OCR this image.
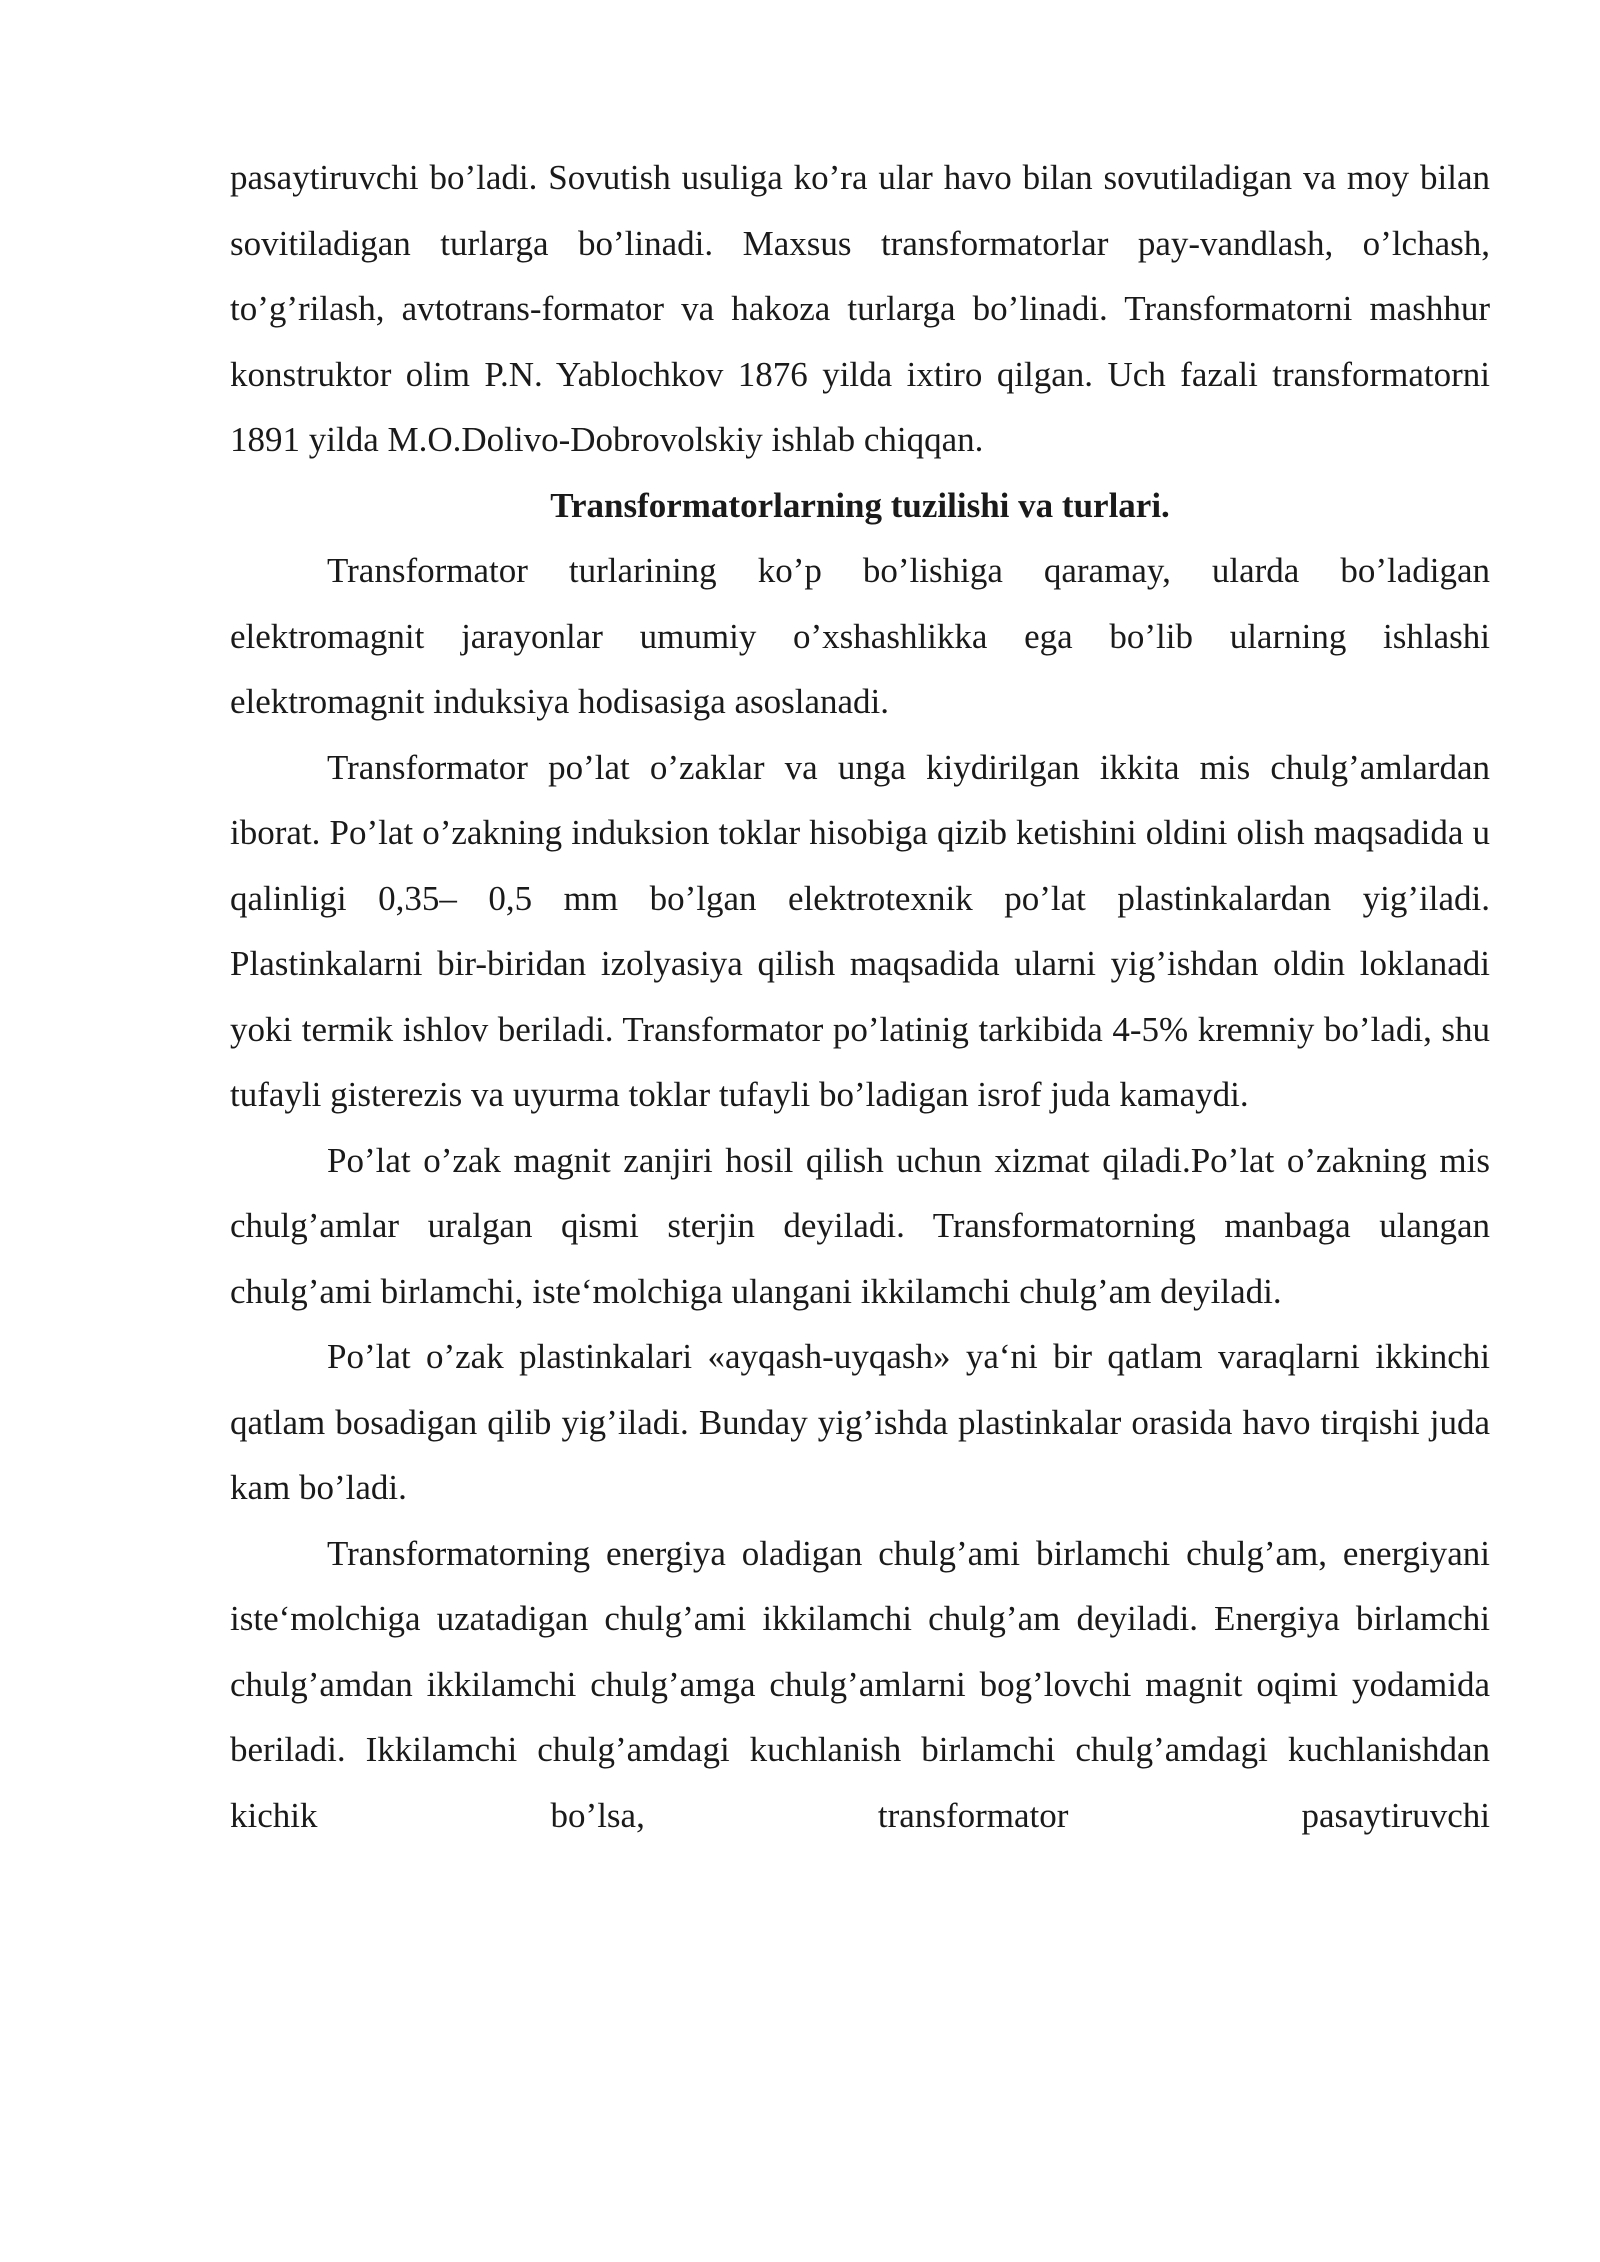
pasaytiruvchi bo’ladi. Sovutish usuliga ko’ra ular havo bilan sovutiladigan va moy bilan sovitiladigan turlarga bo’linadi. Maxsus transformatorlar pay-vandlash, o’lchash, to’g’rilash, avtotrans-formator va hakoza turlarga bo’linadi. Transformatorni mashhur konstruktor olim P.N. Yablochkov 1876 yilda ixtiro qilgan. Uch fazali transformatorni 1891 yilda M.O.Dolivo-Dobrovolskiy ishlab chiqqan.

Transformatorlarning tuzilishi va turlari.

Transformator turlarining ko’p bo’lishiga qaramay, ularda bo’ladigan elektromagnit jarayonlar umumiy o’xshashlikka ega bo’lib ularning ishlashi elektromagnit induksiya hodisasiga asoslanadi.

Transformator po’lat o’zaklar va unga kiydirilgan ikkita mis chulg’amlardan iborat. Po’lat o’zakning induksion toklar hisobiga qizib ketishini oldini olish maqsadida u qalinligi 0,35– 0,5 mm bo’lgan elektrotexnik po’lat plastinkalardan yig’iladi. Plastinkalarni bir-biridan izolyasiya qilish maqsadida ularni yig’ishdan oldin loklanadi yoki termik ishlov beriladi. Transformator po’latinig tarkibida 4-5% kremniy bo’ladi, shu tufayli gisterezis va uyurma toklar tufayli bo’ladigan isrof juda kamaydi.

Po’lat o’zak magnit zanjiri hosil qilish uchun xizmat qiladi.Po’lat o’zakning mis chulg’amlar uralgan qismi sterjin deyiladi. Transformatorning manbaga ulangan chulg’ami birlamchi, iste‘molchiga ulangani ikkilamchi chulg’am deyiladi.

Po’lat o’zak plastinkalari «ayqash-uyqash» ya‘ni bir qatlam varaqlarni ikkinchi qatlam bosadigan qilib yig’iladi. Bunday yig’ishda plastinkalar orasida havo tirqishi juda kam bo’ladi.

Transformatorning energiya oladigan chulg’ami birlamchi chulg’am, energiyani iste‘molchiga uzatadigan chulg’ami ikkilamchi chulg’am deyiladi. Energiya birlamchi chulg’amdan ikkilamchi chulg’amga chulg’amlarni bog’lovchi magnit oqimi yodamida beriladi. Ikkilamchi chulg’amdagi kuchlanish birlamchi chulg’amdagi kuchlanishdan kichik bo’lsa, transformator pasaytiruvchi
